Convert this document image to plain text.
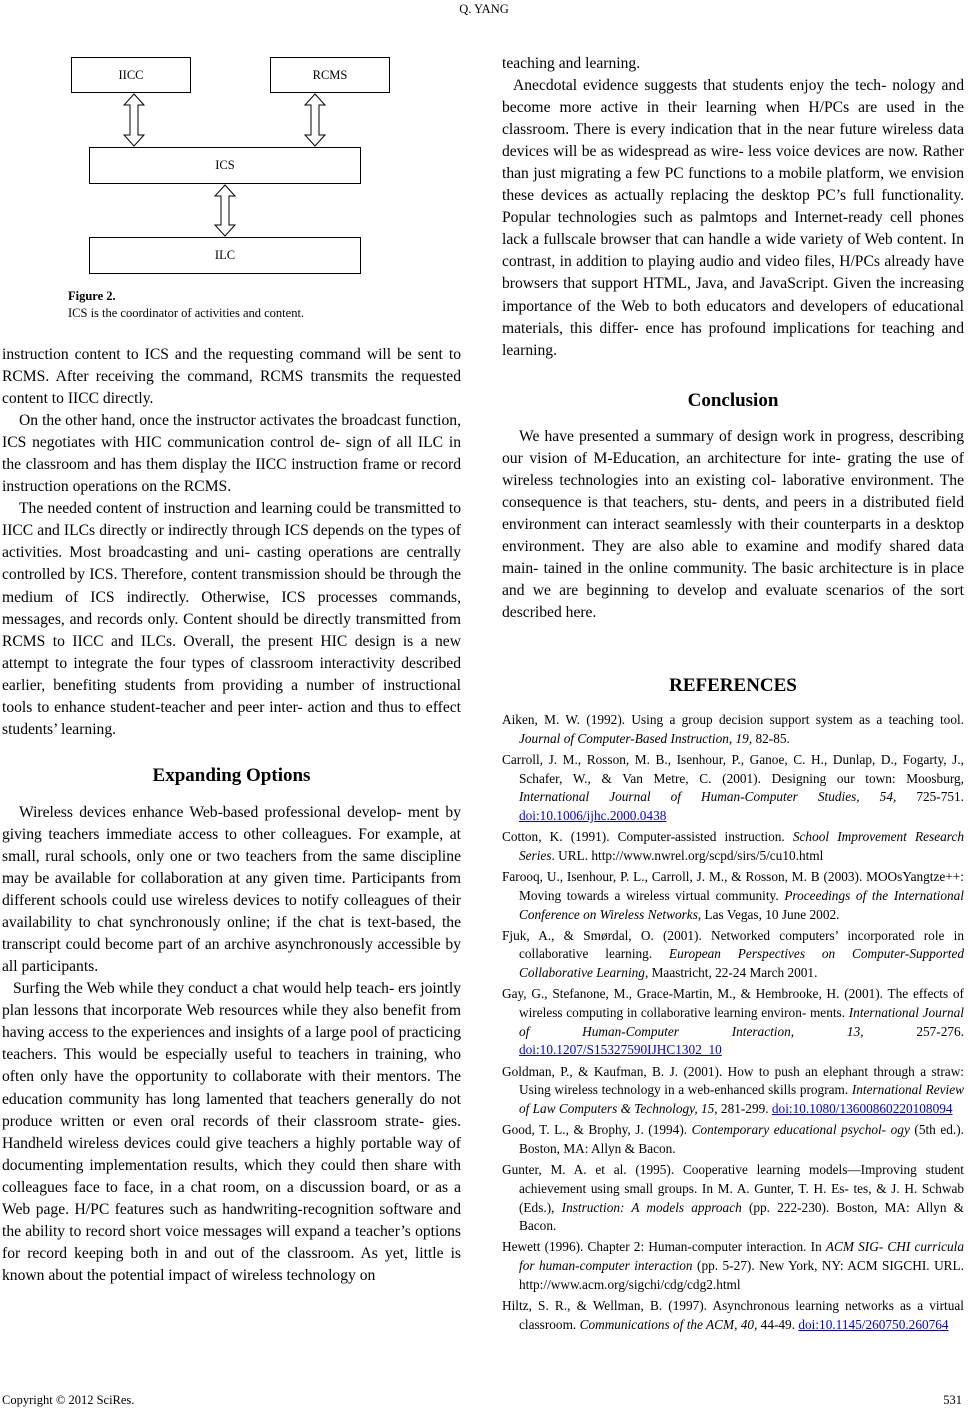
Q. YANG
IICC	RCMS
ICS
ILC
Figure 2.
ICS is the coordinator of activities and content.

instruction content to ICS and the requesting command will be sent to RCMS. After receiving the command, RCMS transmits the requested content to IICC directly.

On the other hand, once the instructor activates the broadcast function, ICS negotiates with HIC communication control de- sign of all ILC in the classroom and has them display the IICC instruction frame or record instruction operations on the RCMS.

The needed content of instruction and learning could be transmitted to IICC and ILCs directly or indirectly through ICS depends on the types of activities. Most broadcasting and uni- casting operations are centrally controlled by ICS. Therefore, content transmission should be through the medium of ICS indirectly. Otherwise, ICS processes commands, messages, and records only. Content should be directly transmitted from RCMS to IICC and ILCs. Overall, the present HIC design is a new attempt to integrate the four types of classroom interactivity described earlier, benefiting students from providing a number of instructional tools to enhance student-teacher and peer inter- action and thus to effect students’ learning.

Expanding Options

Wireless devices enhance Web-based professional develop- ment by giving teachers immediate access to other colleagues. For example, at small, rural schools, only one or two teachers from the same discipline may be available for collaboration at any given time. Participants from different schools could use wireless devices to notify colleagues of their availability to chat synchronously online; if the chat is text-based, the transcript could become part of an archive asynchronously accessible by all participants.

Surfing the Web while they conduct a chat would help teach- ers jointly plan lessons that incorporate Web resources while they also benefit from having access to the experiences and insights of a large pool of practicing teachers. This would be especially useful to teachers in training, who often only have the opportunity to collaborate with their mentors. The education community has long lamented that teachers generally do not produce written or even oral records of their classroom strate- gies. Handheld wireless devices could give teachers a highly portable way of documenting implementation results, which they could then share with colleagues face to face, in a chat room, on a discussion board, or as a Web page. H/PC features such as handwriting-recognition software and the ability to record short voice messages will expand a teacher’s options for record keeping both in and out of the classroom. As yet, little is known about the potential impact of wireless technology on

teaching and learning.

Anecdotal evidence suggests that students enjoy the tech- nology and become more active in their learning when H/PCs are used in the classroom. There is every indication that in the near future wireless data devices will be as widespread as wire- less voice devices are now. Rather than just migrating a few PC functions to a mobile platform, we envision these devices as actually replacing the desktop PC’s full functionality. Popular technologies such as palmtops and Internet-ready cell phones lack a fullscale browser that can handle a wide variety of Web content. In contrast, in addition to playing audio and video files, H/PCs already have browsers that support HTML, Java, and JavaScript. Given the increasing importance of the Web to both educators and developers of educational materials, this differ- ence has profound implications for teaching and learning.

Conclusion

We have presented a summary of design work in progress, describing our vision of M-Education, an architecture for inte- grating the use of wireless technologies into an existing col- laborative environment. The consequence is that teachers, stu- dents, and peers in a distributed field environment can interact seamlessly with their counterparts in a desktop environment. They are also able to examine and modify shared data main- tained in the online community. The basic architecture is in place and we are beginning to develop and evaluate scenarios of the sort described here.

REFERENCES
Aiken, M. W. (1992). Using a group decision support system as a teaching tool. Journal of Computer-Based Instruction, 19, 82-85.
Carroll, J. M., Rosson, M. B., Isenhour, P., Ganoe, C. H., Dunlap, D., Fogarty, J., Schafer, W., & Van Metre, C. (2001). Designing our town: Moosburg, International Journal of Human-Computer Studies, 54, 725-751. doi:10.1006/ijhc.2000.0438
Cotton, K. (1991). Computer-assisted instruction. School Improvement Research Series. URL. http://www.nwrel.org/scpd/sirs/5/cu10.html
Farooq, U., Isenhour, P. L., Carroll, J. M., & Rosson, M. B (2003). MOOsYangtze++: Moving towards a wireless virtual community. Proceedings of the International Conference on Wireless Networks, Las Vegas, 10 June 2002.
Fjuk, A., & Smørdal, O. (2001). Networked computers’ incorporated role in collaborative learning. European Perspectives on Computer-Supported Collaborative Learning, Maastricht, 22-24 March 2001.
Gay, G., Stefanone, M., Grace-Martin, M., & Hembrooke, H. (2001). The effects of wireless computing in collaborative learning environ- ments. International Journal of Human-Computer Interaction, 13, 257-276. doi:10.1207/S15327590IJHC1302_10
Goldman, P., & Kaufman, B. J. (2001). How to push an elephant through a straw: Using wireless technology in a web-enhanced skills program. International Review of Law Computers & Technology, 15, 281-299. doi:10.1080/13600860220108094
Good, T. L., & Brophy, J. (1994). Contemporary educational psychol- ogy (5th ed.). Boston, MA: Allyn & Bacon.
Gunter, M. A. et al. (1995). Cooperative learning models—Improving student achievement using small groups. In M. A. Gunter, T. H. Es- tes, & J. H. Schwab (Eds.), Instruction: A models approach (pp. 222-230). Boston, MA: Allyn & Bacon.
Hewett (1996). Chapter 2: Human-computer interaction. In ACM SIG- CHI curricula for human-computer interaction (pp. 5-27). New York, NY: ACM SIGCHI. URL. http://www.acm.org/sigchi/cdg/cdg2.html
Hiltz, S. R., & Wellman, B. (1997). Asynchronous learning networks as a virtual classroom. Communications of the ACM, 40, 44-49. doi:10.1145/260750.260764
Copyright © 2012 SciRes.	531
